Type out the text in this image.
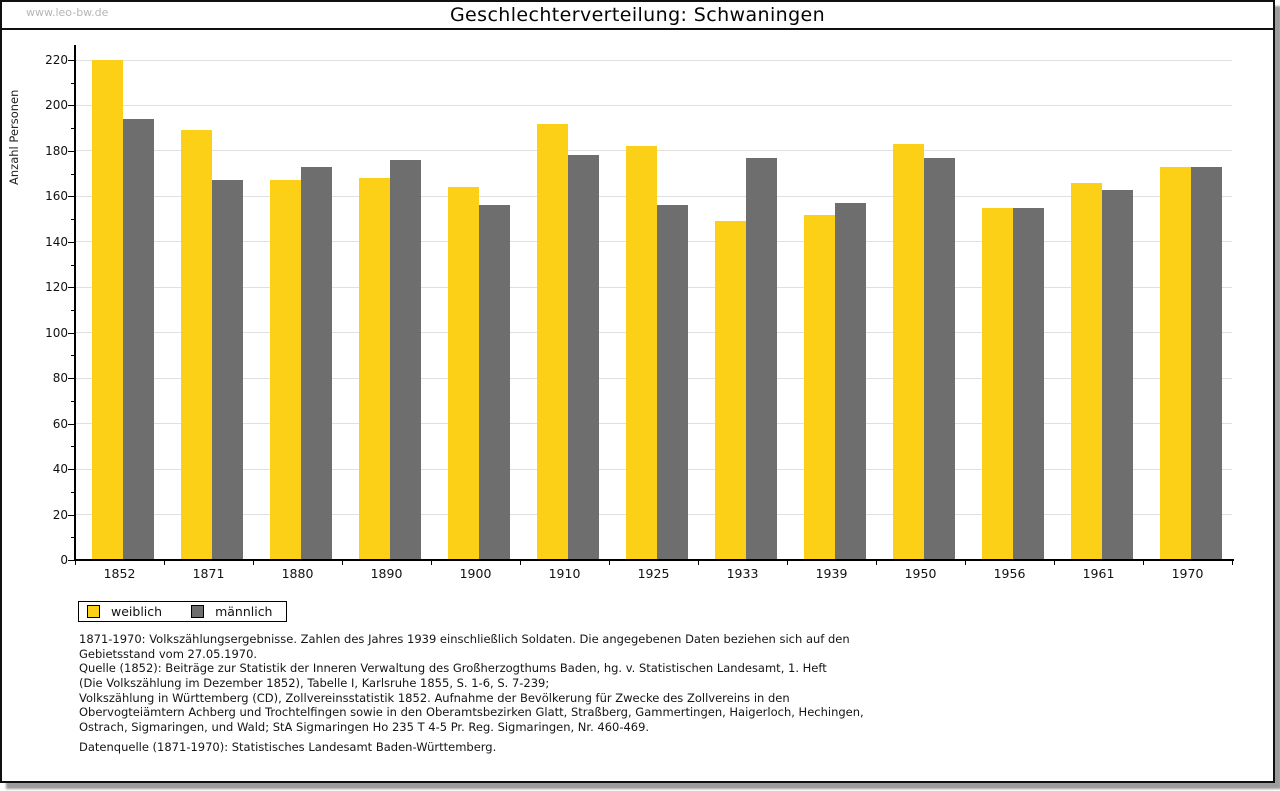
www.leo-bw.de	Geschlechterverteilung: Schwaningen
Anzahl Personen
0
20
40
60
80
100
120
140
160
180
200
220
1852	1871	1880	1890	1900	1910	1925	1933	1939	1950	1956	1961	1970
weiblich	männlich
1871-1970: Volkszählungsergebnisse. Zahlen des Jahres 1939 einschließlich Soldaten. Die angegebenen Daten beziehen sich auf den
Gebietsstand vom 27.05.1970.
Quelle (1852): Beiträge zur Statistik der Inneren Verwaltung des Großherzogthums Baden, hg. v. Statistischen Landesamt, 1. Heft
(Die Volkszählung im Dezember 1852), Tabelle I, Karlsruhe 1855, S. 1-6, S. 7-239;
Volkszählung in Württemberg (CD), Zollvereinsstatistik 1852. Aufnahme der Bevölkerung für Zwecke des Zollvereins in den
Obervogteiämtern Achberg und Trochtelfingen sowie in den Oberamtsbezirken Glatt, Straßberg, Gammertingen, Haigerloch, Hechingen,
Ostrach, Sigmaringen, und Wald; StA Sigmaringen Ho 235 T 4-5 Pr. Reg. Sigmaringen, Nr. 460-469.
Datenquelle (1871-1970): Statistisches Landesamt Baden-Württemberg.
